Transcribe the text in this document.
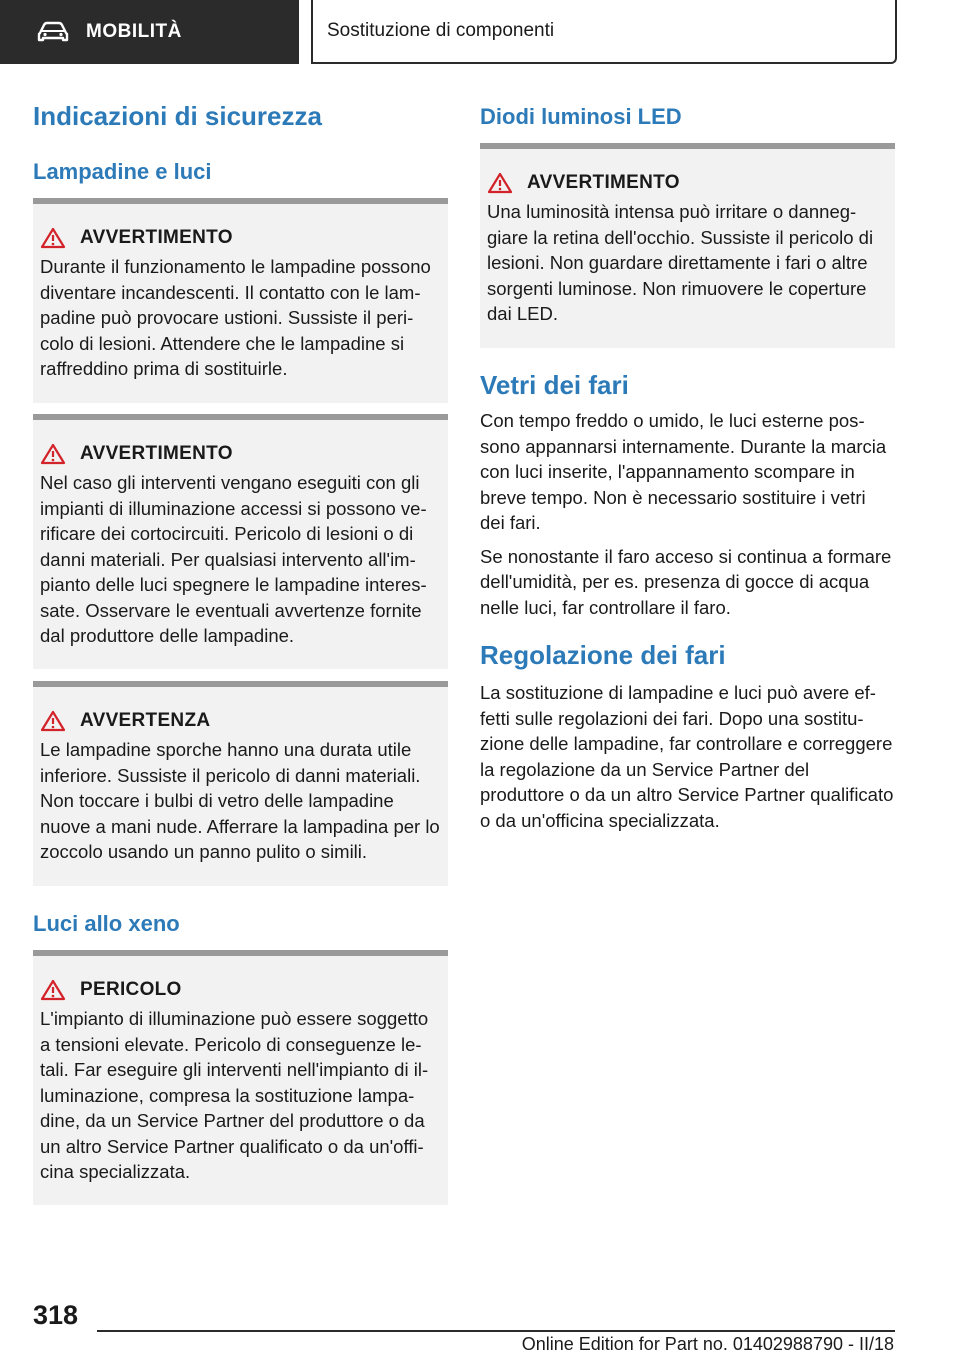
MOBILITÀ	Sostituzione di componenti
Indicazioni di sicurezza
Lampadine e luci
AVVERTIMENTO

Durante il funzionamento le lampadine possono diventare incandescenti. Il contatto con le lampadine può provocare ustioni. Sussiste il pericolo di lesioni. Attendere che le lampadine si raffreddino prima di sostituirle.

AVVERTIMENTO

Nel caso gli interventi vengano eseguiti con gli impianti di illuminazione accessi si possono verificare dei cortocircuiti. Pericolo di lesioni o di danni materiali. Per qualsiasi intervento all'impianto delle luci spegnere le lampadine interessate. Osservare le eventuali avvertenze fornite dal produttore delle lampadine.

AVVERTENZA

Le lampadine sporche hanno una durata utile inferiore. Sussiste il pericolo di danni materiali. Non toccare i bulbi di vetro delle lampadine nuove a mani nude. Afferrare la lampadina per lo zoccolo usando un panno pulito o simili.

Luci allo xeno
PERICOLO

L'impianto di illuminazione può essere soggetto a tensioni elevate. Pericolo di conseguenze letali. Far eseguire gli interventi nell'impianto di illuminazione, compresa la sostituzione lampadine, da un Service Partner del produttore o da un altro Service Partner qualificato o da un'officina specializzata.

Diodi luminosi LED
AVVERTIMENTO

Una luminosità intensa può irritare o danneggiare la retina dell'occhio. Sussiste il pericolo di lesioni. Non guardare direttamente i fari o altre sorgenti luminose. Non rimuovere le coperture dai LED.

Vetri dei fari

Con tempo freddo o umido, le luci esterne possono appannarsi internamente. Durante la marcia con luci inserite, l'appannamento scompare in breve tempo. Non è necessario sostituire i vetri dei fari.

Se nonostante il faro acceso si continua a formare dell'umidità, per es. presenza di gocce di acqua nelle luci, far controllare il faro.

Regolazione dei fari

La sostituzione di lampadine e luci può avere effetti sulle regolazioni dei fari. Dopo una sostituzione delle lampadine, far controllare e correggere la regolazione da un Service Partner del produttore o da un altro Service Partner qualificato o da un'officina specializzata.

318
Online Edition for Part no. 01402988790 - II/18
